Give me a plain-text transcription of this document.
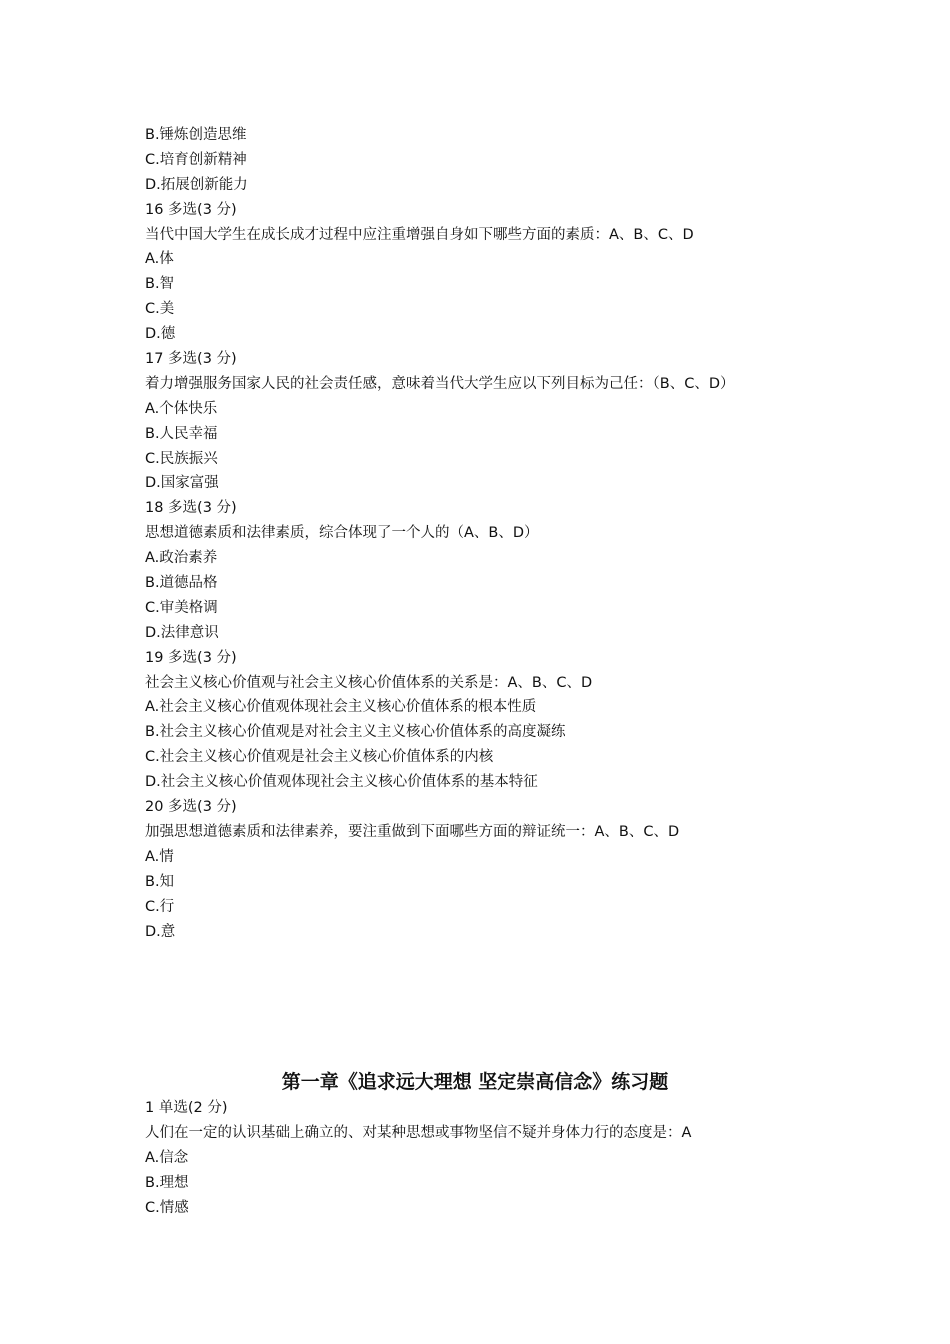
B.锤炼创造思维
C.培育创新精神
D.拓展创新能力
16 多选(3 分)
当代中国大学生在成长成才过程中应注重增强自身如下哪些方面的素质：A、B、C、D
A.体
B.智
C.美
D.德
17 多选(3 分)
着力增强服务国家人民的社会责任感，意味着当代大学生应以下列目标为己任：（B、C、D）
A.个体快乐
B.人民幸福
C.民族振兴
D.国家富强
18 多选(3 分)
思想道德素质和法律素质，综合体现了一个人的（A、B、D）
A.政治素养
B.道德品格
C.审美格调
D.法律意识
19 多选(3 分)
社会主义核心价值观与社会主义核心价值体系的关系是：A、B、C、D
A.社会主义核心价值观体现社会主义核心价值体系的根本性质
B.社会主义核心价值观是对社会主义主义核心价值体系的高度凝练
C.社会主义核心价值观是社会主义核心价值体系的内核
D.社会主义核心价值观体现社会主义核心价值体系的基本特征
20 多选(3 分)
加强思想道德素质和法律素养，要注重做到下面哪些方面的辩证统一：A、B、C、D
A.情
B.知
C.行
D.意
第一章《追求远大理想 坚定崇高信念》练习题
1 单选(2 分)
人们在一定的认识基础上确立的、对某种思想或事物坚信不疑并身体力行的态度是：A
A.信念
B.理想
C.情感
